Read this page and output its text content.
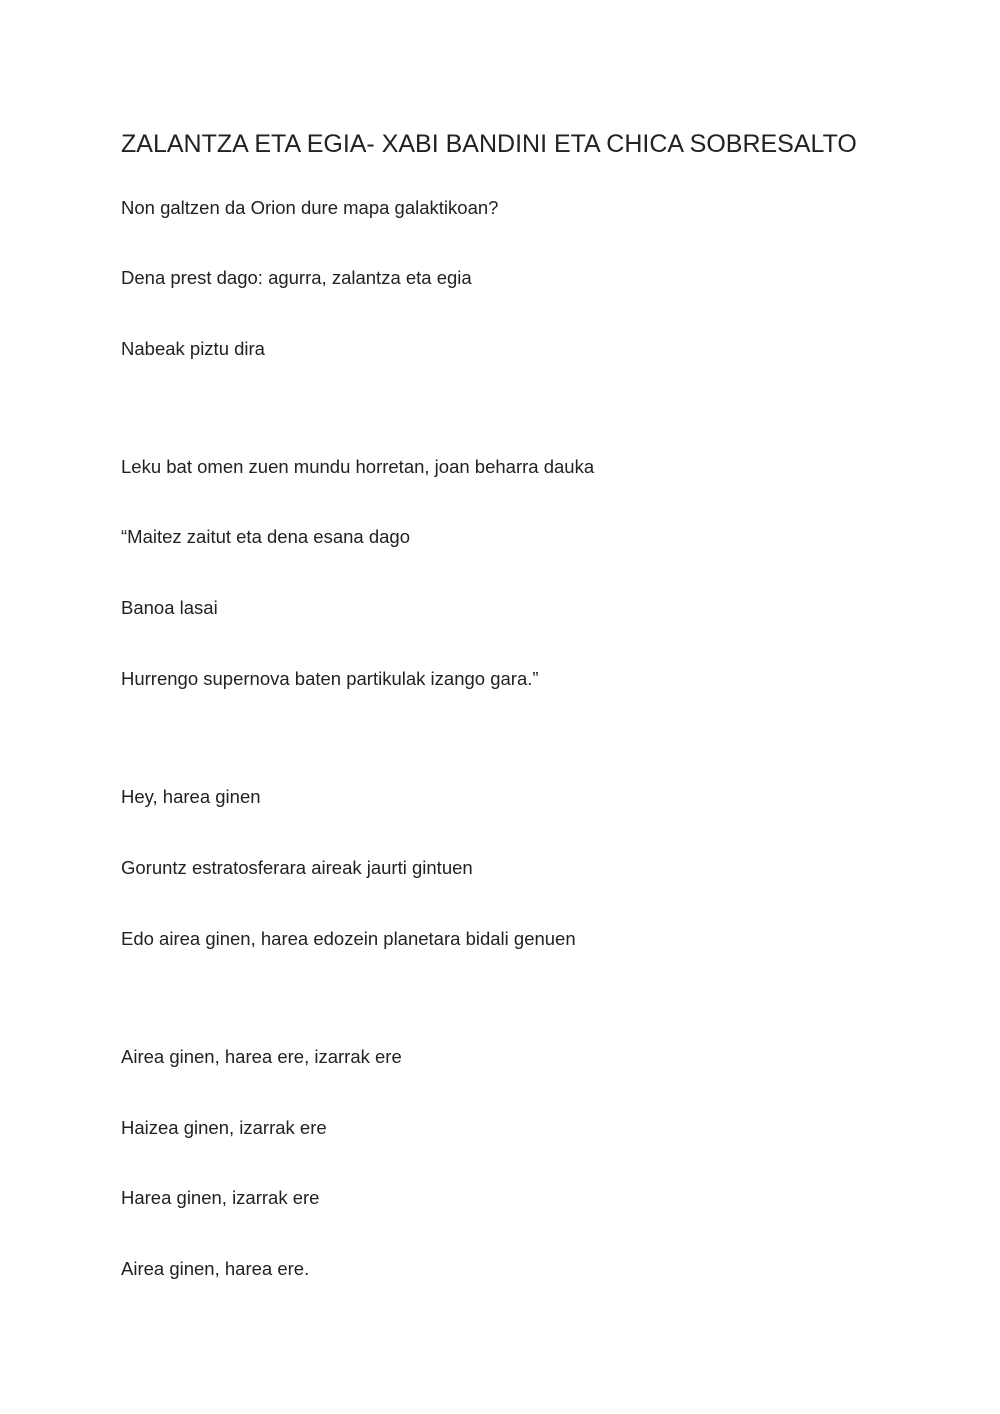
ZALANTZA ETA EGIA- XABI BANDINI ETA CHICA SOBRESALTO
Non galtzen da Orion dure mapa galaktikoan?
Dena prest dago: agurra, zalantza eta egia
Nabeak piztu dira
Leku bat omen zuen mundu horretan, joan beharra dauka
“Maitez zaitut eta dena esana dago
Banoa lasai
Hurrengo supernova baten partikulak izango gara.”
Hey, harea ginen
Goruntz estratosferara aireak jaurti gintuen
Edo airea ginen, harea edozein planetara bidali genuen
Airea ginen, harea ere, izarrak ere
Haizea ginen, izarrak ere
Harea ginen, izarrak ere
Airea ginen, harea ere.
